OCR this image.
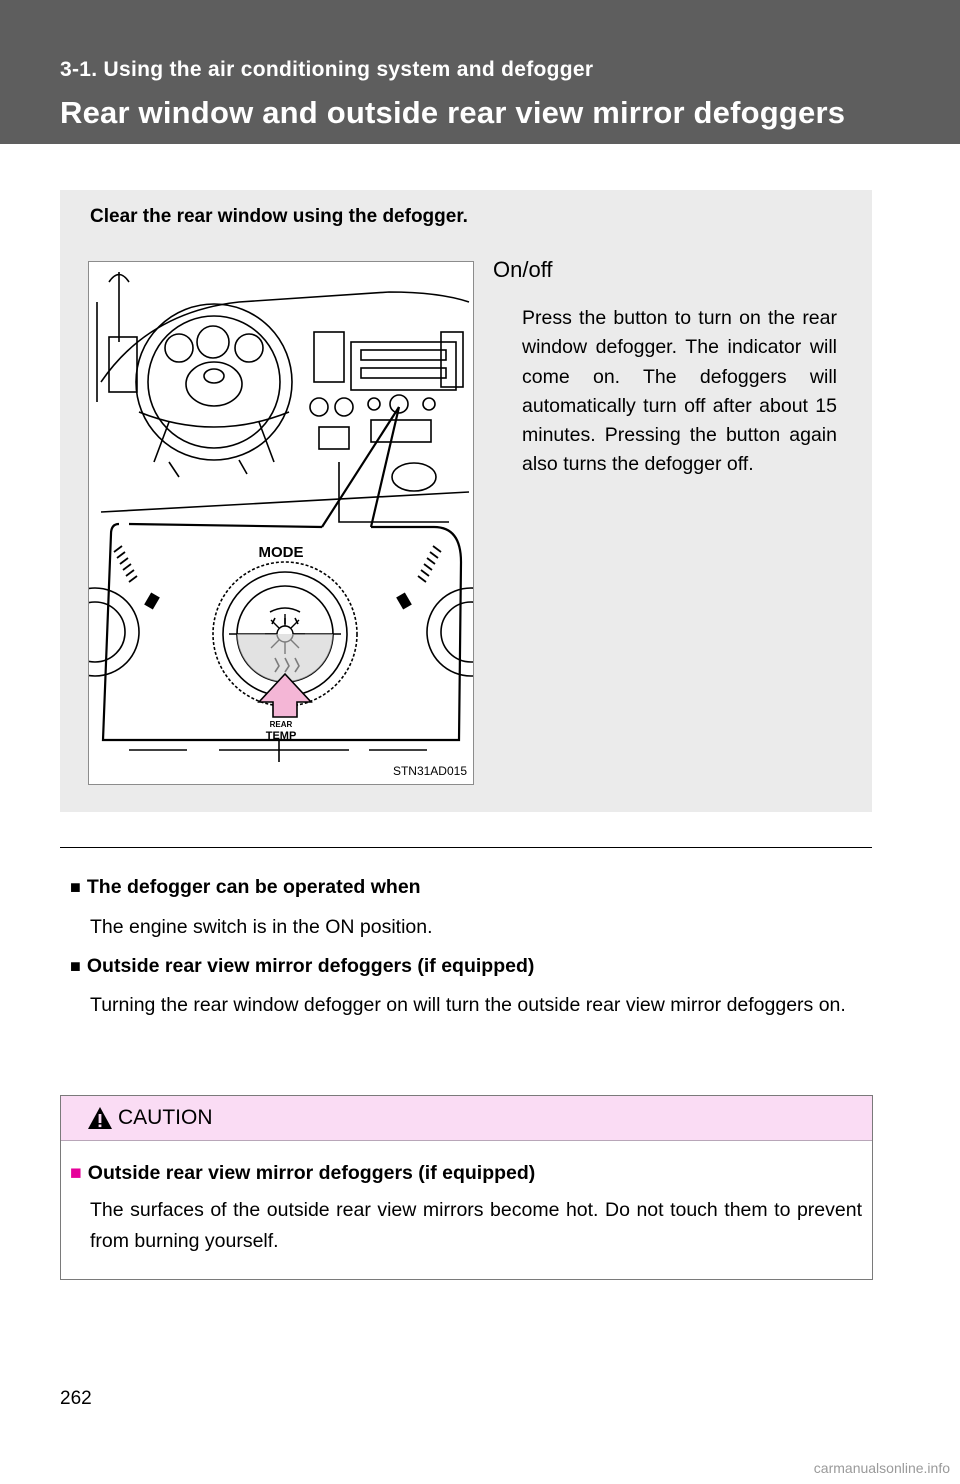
3-1. Using the air conditioning system and defogger
Rear window and outside rear view mirror defoggers
Clear the rear window using the defogger.
MODE
REAR
TEMP
STN31AD015
On/off
Press the button to turn on the rear window defogger. The indicator will come on. The defoggers will automatically turn off after about 15 minutes. Pressing the button again also turns the defogger off.
■ The defogger can be operated when
The engine switch is in the ON position.
■ Outside rear view mirror defoggers (if equipped)
Turning the rear window defogger on will turn the outside rear view mirror defoggers on.
CAUTION
■ Outside rear view mirror defoggers (if equipped)
The surfaces of the outside rear view mirrors become hot. Do not touch them to prevent from burning yourself.
262
carmanualsonline.info
